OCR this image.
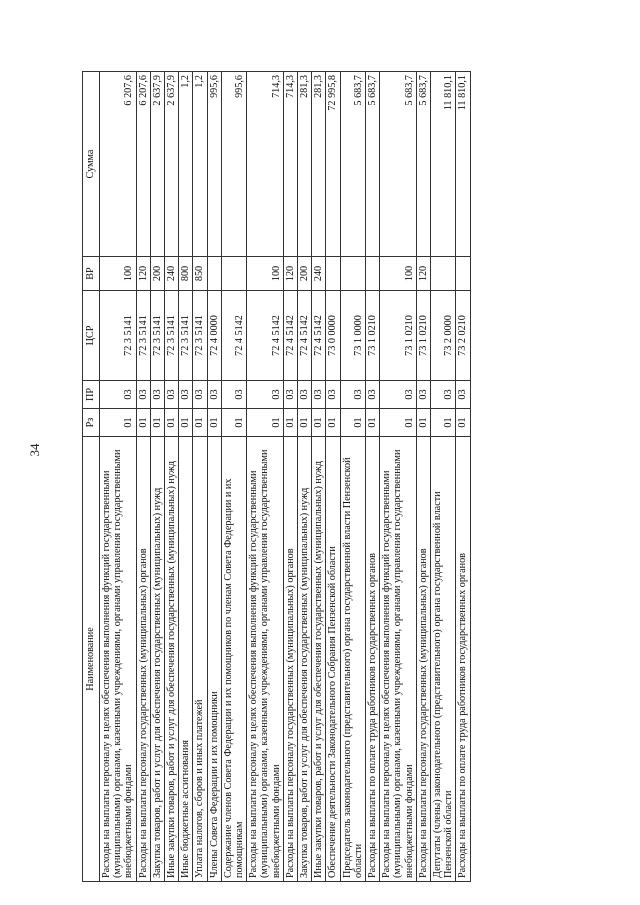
34
Наименование	Рз	ПР	ЦСР	ВР	Сумма
Расходы на выплаты персоналу в целях обеспечения выполнения функций государственными (муниципальными) органами, казенными учреждениями, органами управления государственными внебюджетными фондами	01	03	72 3 5141	100	6 207,6
Расходы на выплаты персоналу государственных (муниципальных) органов	01	03	72 3 5141	120	6 207,6
Закупка товаров, работ и услуг для обеспечения государственных (муниципальных) нужд	01	03	72 3 5141	200	2 637,9
Иные закупки товаров, работ и услуг для обеспечения государственных (муниципальных) нужд	01	03	72 3 5141	240	2 637,9
Иные бюджетные ассигнования	01	03	72 3 5141	800	1,2
Уплата налогов, сборов и иных платежей	01	03	72 3 5141	850	1,2
Члены Совета Федерации и их помощники	01	03	72 4 0000		995,6
Содержание членов Совета Федерации и их помощников по членам Совета Федерации и их помощникам	01	03	72 4 5142		995,6
Расходы на выплаты персоналу в целях обеспечения выполнения функций государственными (муниципальными) органами, казенными учреждениями, органами управления государственными внебюджетными фондами	01	03	72 4 5142	100	714,3
Расходы на выплаты персоналу государственных (муниципальных) органов	01	03	72 4 5142	120	714,3
Закупка товаров, работ и услуг для обеспечения государственных (муниципальных) нужд	01	03	72 4 5142	200	281,3
Иные закупки товаров, работ и услуг для обеспечения государственных (муниципальных) нужд	01	03	72 4 5142	240	281,3
Обеспечение деятельности Законодательного Собрания Пензенской области	01	03	73 0 0000		72 995,8
Председатель законодательного (представительного) органа государственной власти Пензенской области	01	03	73 1 0000		5 683,7
Расходы на выплаты по оплате труда работников государственных органов	01	03	73 1 0210		5 683,7
Расходы на выплаты персоналу в целях обеспечения выполнения функций государственными (муниципальными) органами, казенными учреждениями, органами управления государственными внебюджетными фондами	01	03	73 1 0210	100	5 683,7
Расходы на выплаты персоналу государственных (муниципальных) органов	01	03	73 1 0210	120	5 683,7
Депутаты (члены) законодательного (представительного) органа государственной власти Пензенской области	01	03	73 2 0000		11 810,1
Расходы на выплаты по оплате труда работников государственных органов	01	03	73 2 0210		11 810,1
